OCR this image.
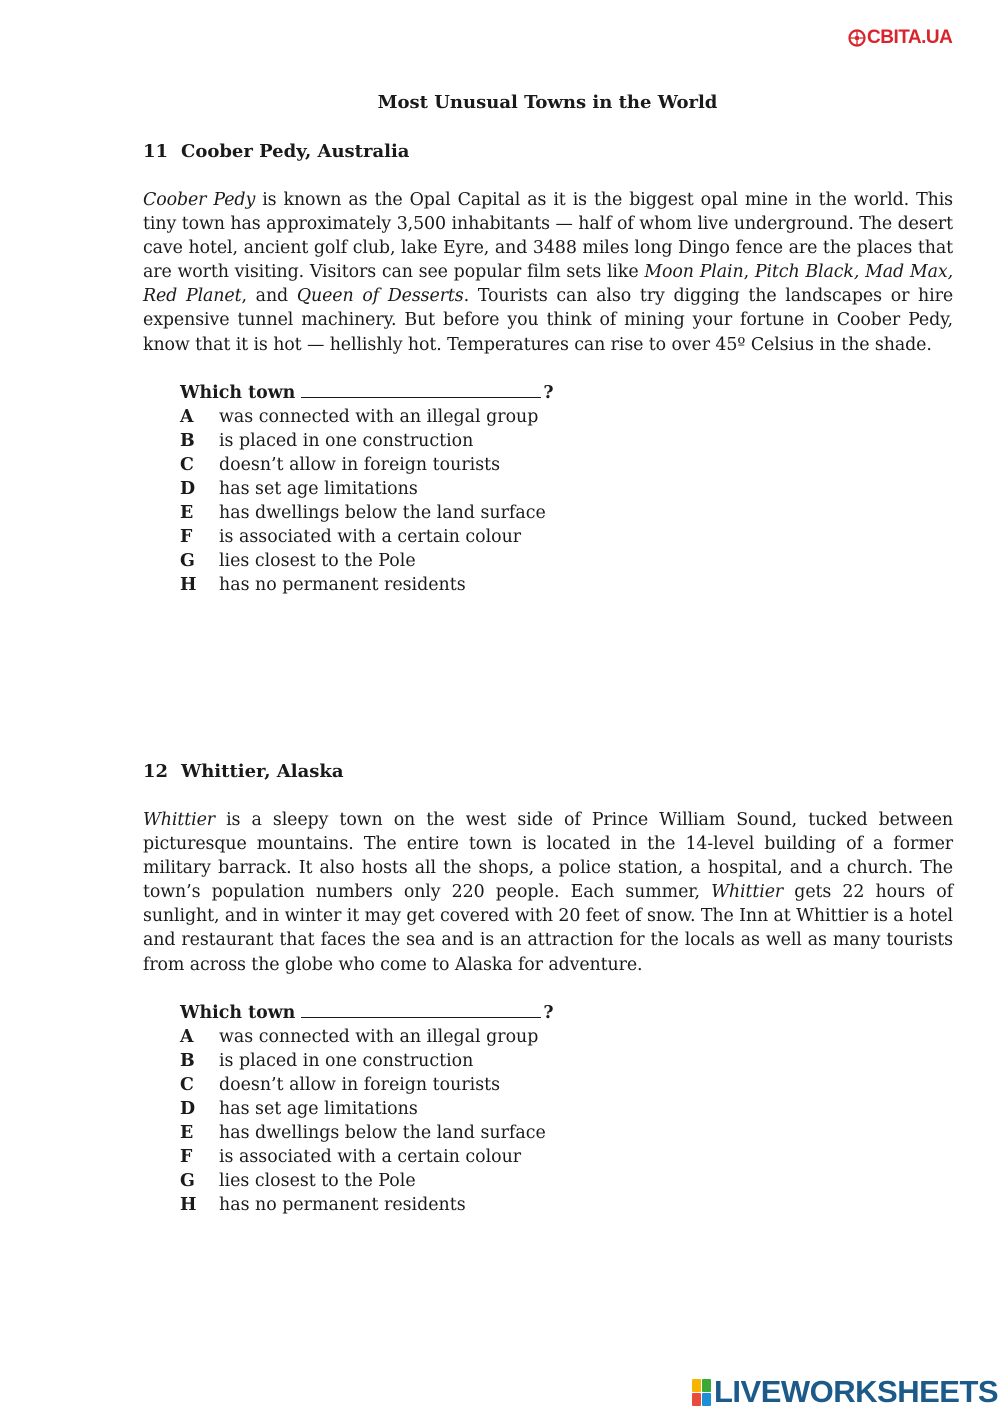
CBITA.UA
Most Unusual Towns in the World
11 Coober Pedy, Australia
Coober Pedy is known as the Opal Capital as it is the biggest opal mine in the world. This tiny town has approximately 3,500 inhabitants — half of whom live underground. The desert cave hotel, ancient golf club, lake Eyre, and 3488 miles long Dingo fence are the places that are worth visiting. Visitors can see popular film sets like Moon Plain, Pitch Black, Mad Max, Red Planet, and Queen of Desserts. Tourists can also try digging the landscapes or hire expensive tunnel machinery. But before you think of mining your fortune in Coober Pedy, know that it is hot — hellishly hot. Temperatures can rise to over 45º Celsius in the shade.
Which town	?
A	was connected with an illegal group
B	is placed in one construction
C	doesn’t allow in foreign tourists
D	has set age limitations
E	has dwellings below the land surface
F	is associated with a certain colour
G	lies closest to the Pole
H	has no permanent residents
12 Whittier, Alaska
Whittier is a sleepy town on the west side of Prince William Sound, tucked between picturesque mountains. The entire town is located in the 14-level building of a former military barrack. It also hosts all the shops, a police station, a hospital, and a church. The town’s population numbers only 220 people. Each summer, Whittier gets 22 hours of sunlight, and in winter it may get covered with 20 feet of snow. The Inn at Whittier is a hotel and restaurant that faces the sea and is an attraction for the locals as well as many tourists from across the globe who come to Alaska for adventure.
Which town	?
A	was connected with an illegal group
B	is placed in one construction
C	doesn’t allow in foreign tourists
D	has set age limitations
E	has dwellings below the land surface
F	is associated with a certain colour
G	lies closest to the Pole
H	has no permanent residents
LIVEWORKSHEETS
